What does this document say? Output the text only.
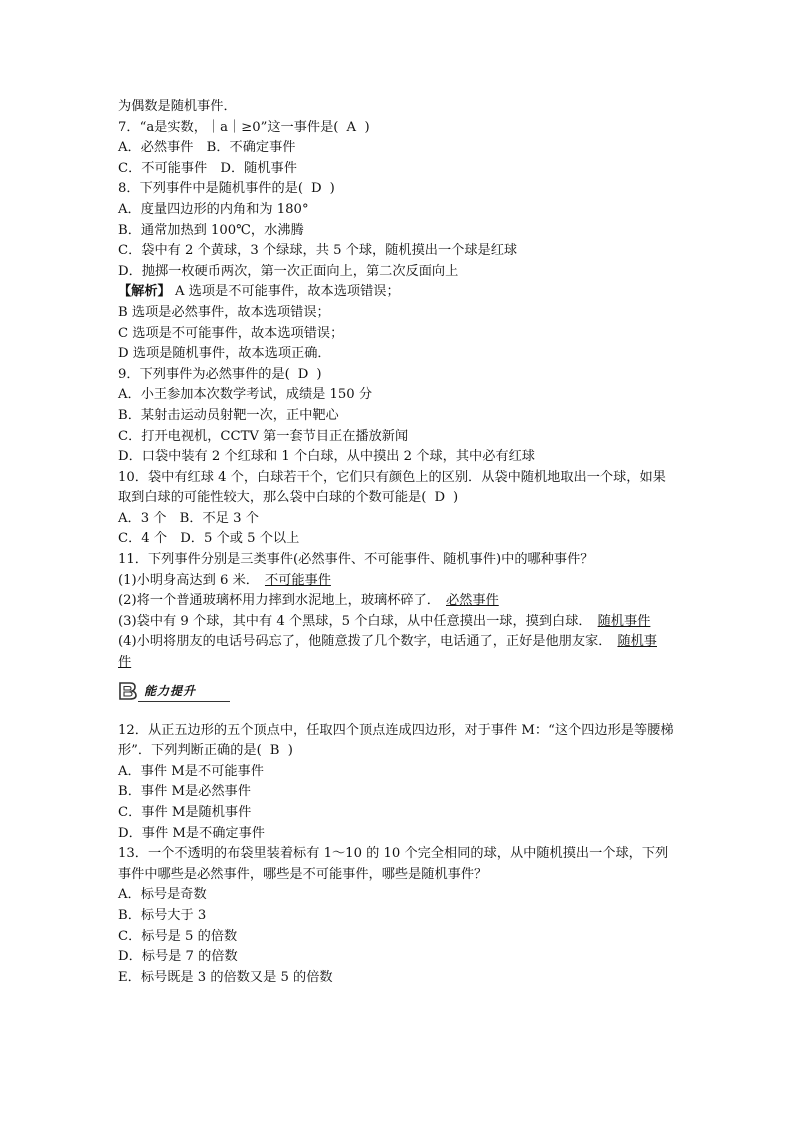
为偶数是随机事件．
7．“a是实数，｜a｜≥0”这一事件是( A )
A．必然事件　B．不确定事件
C．不可能事件　D．随机事件
8．下列事件中是随机事件的是( D )
A．度量四边形的内角和为 180°
B．通常加热到 100℃，水沸腾
C．袋中有 2 个黄球，3 个绿球，共 5 个球，随机摸出一个球是红球
D．抛掷一枚硬币两次，第一次正面向上，第二次反面向上
【解析】 A 选项是不可能事件，故本选项错误；
B 选项是必然事件，故本选项错误；
C 选项是不可能事件，故本选项错误；
D 选项是随机事件，故本选项正确．
9．下列事件为必然事件的是( D )
A．小王参加本次数学考试，成绩是 150 分
B．某射击运动员射靶一次，正中靶心
C．打开电视机，CCTV 第一套节目正在播放新闻
D．口袋中装有 2 个红球和 1 个白球，从中摸出 2 个球，其中必有红球
10．袋中有红球 4 个，白球若干个，它们只有颜色上的区别．从袋中随机地取出一个球，如果取到白球的可能性较大，那么袋中白球的个数可能是( D )
A．3 个　B．不足 3 个
C．4 个　D．5 个或 5 个以上
11．下列事件分别是三类事件(必然事件、不可能事件、随机事件)中的哪种事件？
(1)小明身高达到 6 米． 不可能事件
(2)将一个普通玻璃杯用力摔到水泥地上，玻璃杯碎了． 必然事件
(3)袋中有 9 个球，其中有 4 个黑球，5 个白球，从中任意摸出一球，摸到白球． 随机事件
(4)小明将朋友的电话号码忘了，他随意拨了几个数字，电话通了，正好是他朋友家． 随机事件
能力提升
12．从正五边形的五个顶点中，任取四个顶点连成四边形，对于事件 M：“这个四边形是等腰梯形”．下列判断正确的是( B )
A．事件 M是不可能事件
B．事件 M是必然事件
C．事件 M是随机事件
D．事件 M是不确定事件
13．一个不透明的布袋里装着标有 1～10 的 10 个完全相同的球，从中随机摸出一个球，下列事件中哪些是必然事件，哪些是不可能事件，哪些是随机事件？
A．标号是奇数
B．标号大于 3
C．标号是 5 的倍数
D．标号是 7 的倍数
E．标号既是 3 的倍数又是 5 的倍数
